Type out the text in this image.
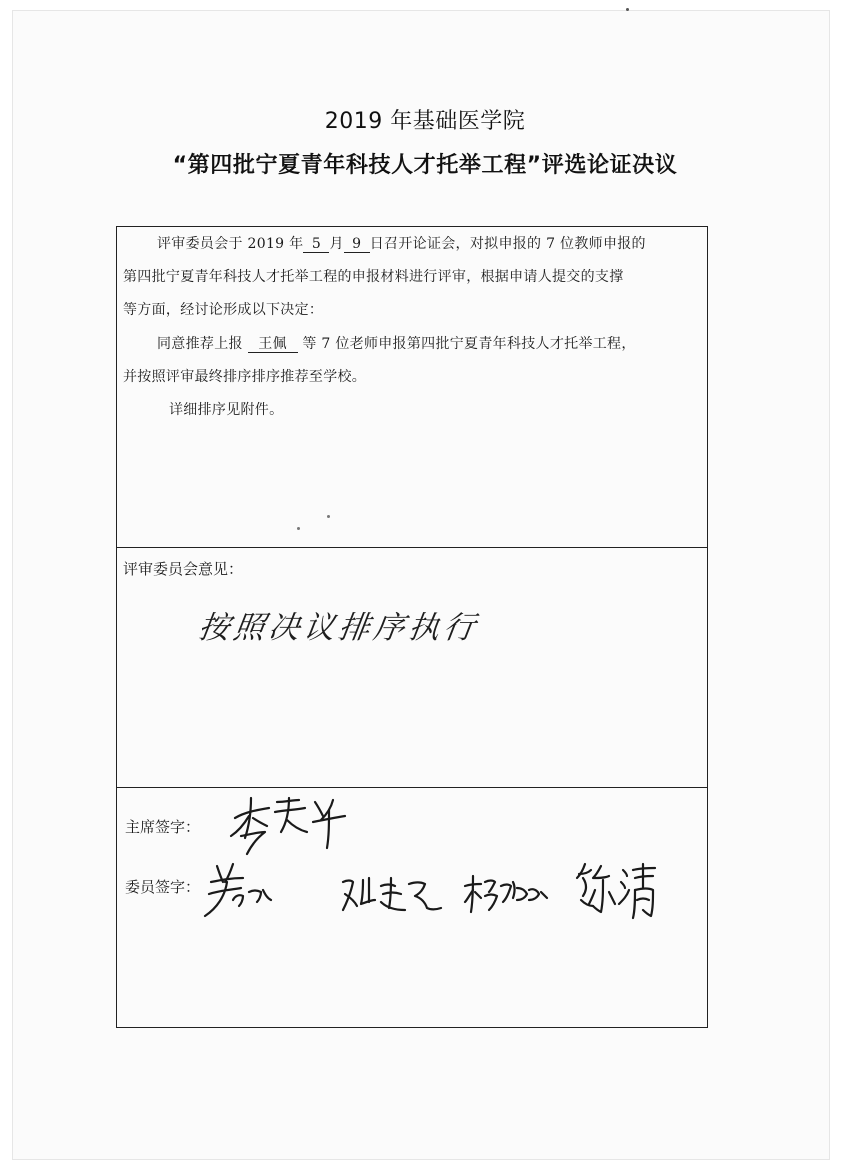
2019 年基础医学院
“第四批宁夏青年科技人才托举工程”评选论证决议
评审委员会于 2019 年 5 月 9 日召开论证会，对拟申报的 7 位教师申报的
第四批宁夏青年科技人才托举工程的申报材料进行评审，根据申请人提交的支撑
等方面，经讨论形成以下决定：
同意推荐上报 王佩 等 7 位老师申报第四批宁夏青年科技人才托举工程，
并按照评审最终排序排序推荐至学校。
详细排序见附件。
评审委员会意见：
按照决议排序执行
主席签字：
委员签字：
